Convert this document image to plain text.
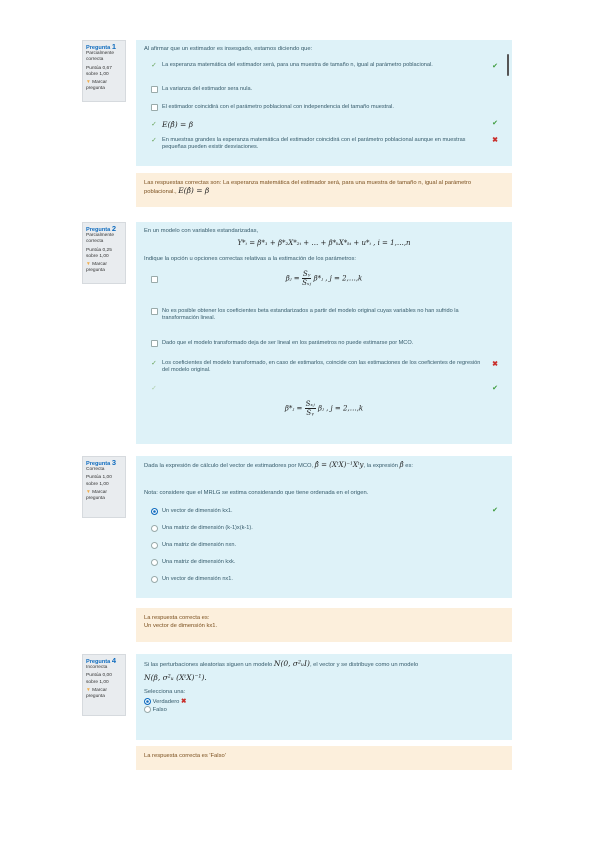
Pregunta 1
Parcialmente correcta
Puntúa 0,67 sobre 1,00
▼ Marcar pregunta
Al afirmar que un estimador es insesgado, estamos diciendo que:
✓ La esperanza matemática del estimador será, para una muestra de tamaño n, igual al parámetro poblacional.	✔
La varianza del estimador sera nula.
El estimador coincidirá con el parámetro poblacional con independencia del tamaño muestral.
✓ E(β̂) = β	✔
✓ En muestras grandes la esperanza matemática del estimador coincidirá con el parámetro poblacional aunque en muestras pequeñas pueden existir desviaciones.
✖
Las respuestas correctas son: La esperanza matemática del estimador será, para una muestra de tamaño n, igual al parámetro poblacional., E(β̂) = β
Pregunta 2
Parcialmente correcta
Puntúa 0,25 sobre 1,00
▼ Marcar pregunta
En un modelo con variables estandarizadas,
Y*ᵢ = β*₁ + β*₂X*₂ᵢ + … + β*ₖX*ₖᵢ + u*ᵢ , i = 1,…,n
Indique la opción u opciones correctas relativas a la estimación de los parámetros:
βⱼ = $\frac{\text{Sᵧ}}{\text{Sₓⱼ}}$ β*ⱼ , j = 2,…,k
No es posible obtener los coeficientes beta estandarizados a partir del modelo original cuyas variables no han sufrido la transformación lineal.
Dado que el modelo transformado deja de ser lineal en los parámetros no puede estimarse por MCO.
✓ Los coeficientes del modelo transformado, en caso de estimarlos, coincide con las estimaciones de los coeficientes de regresión del modelo original.
✖
✓	✔
β*ⱼ = $\frac{\text{Sₓⱼ}}{\text{Sᵧ}}$ βⱼ , j = 2,…,k
Pregunta 3
Correcta
Puntúa 1,00 sobre 1,00
▼ Marcar pregunta
Dada la expresión de cálculo del vector de estimadores por MCO, β̂ = (XᵗX)⁻¹Xᵗy, la expresión β̂ es:
Nota: considere que el MRLG se estima considerando que tiene ordenada en el origen.
Un vector de dimensión kx1.	✔
Una matriz de dimensión (k-1)x(k-1).
Una matriz de dimensión nxn.
Una matriz de dimensión kxk.
Un vector de dimensión nx1.
La respuesta correcta es:
Un vector de dimensión kx1.
Pregunta 4
Incorrecta
Puntúa 0,00 sobre 1,00
▼ Marcar pregunta
Si las perturbaciones aleatorias siguen un modelo N(0, σ²ᵤI), el vector y se distribuye como un modelo
N(β, σ²ᵤ (XᵗX)⁻¹).
Selecciona una:
Verdadero ✖
Falso
La respuesta correcta es 'Falso'
